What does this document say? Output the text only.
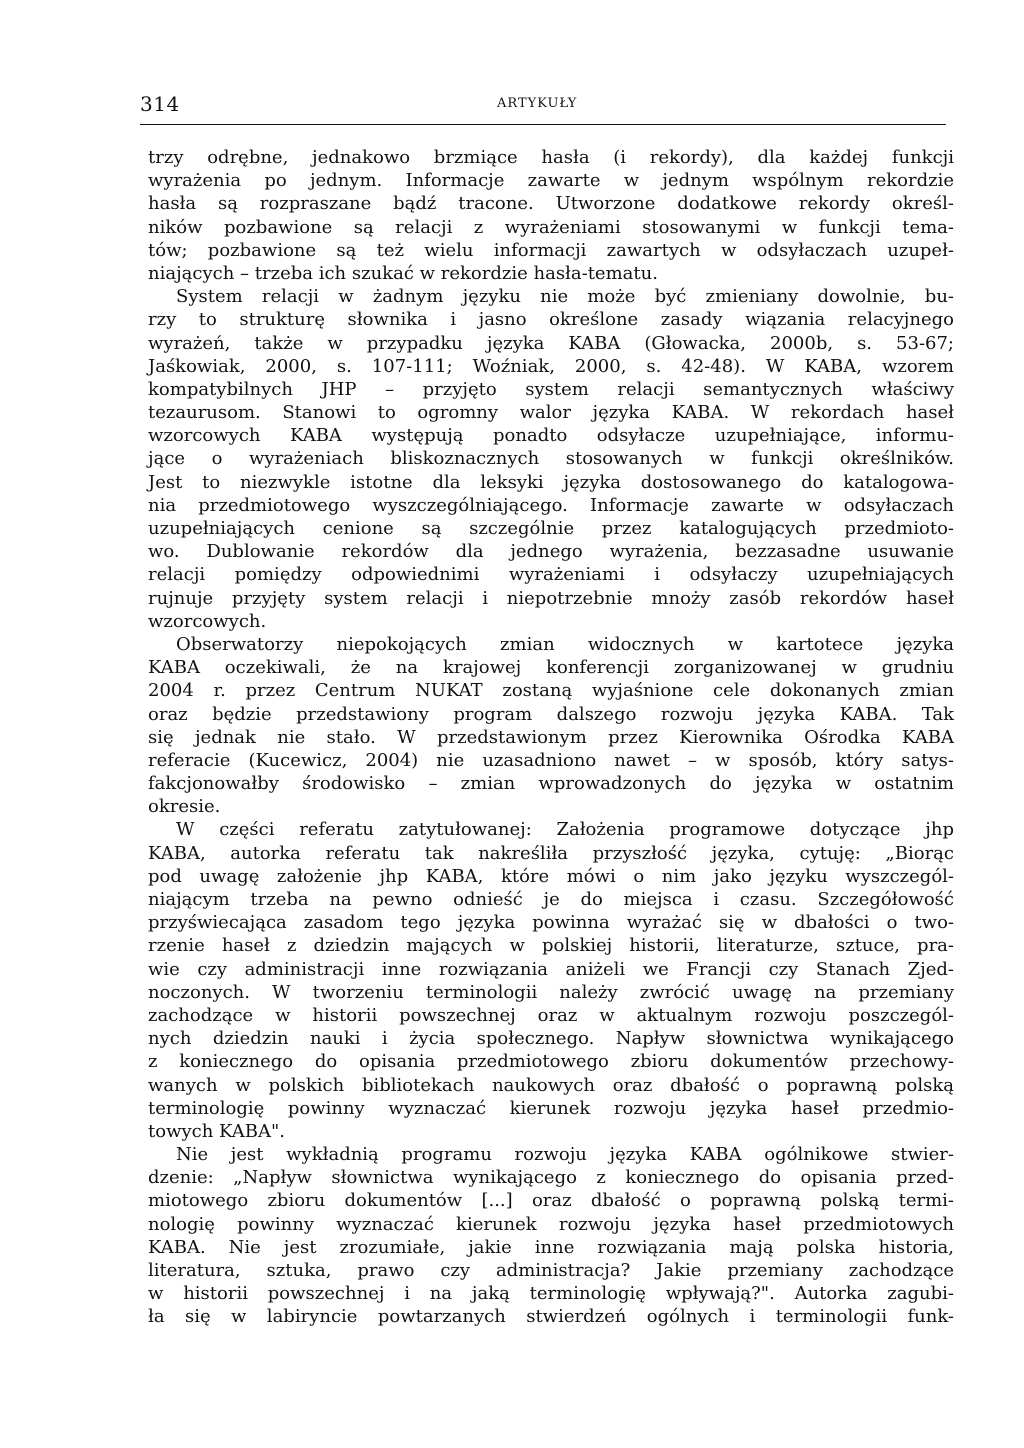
314	ARTYKUŁY
trzy odrębne, jednakowo brzmiące hasła (i rekordy), dla każdej funkcji
wyrażenia po jednym. Informacje zawarte w jednym wspólnym rekordzie
hasła są rozpraszane bądź tracone. Utworzone dodatkowe rekordy określ-
ników pozbawione są relacji z wyrażeniami stosowanymi w funkcji tema-
tów; pozbawione są też wielu informacji zawartych w odsyłaczach uzupeł-
niających – trzeba ich szukać w rekordzie hasła-tematu.
System relacji w żadnym języku nie może być zmieniany dowolnie, bu-
rzy to strukturę słownika i jasno określone zasady wiązania relacyjnego
wyrażeń, także w przypadku języka KABA (Głowacka, 2000b, s. 53-67;
Jaśkowiak, 2000, s. 107-111; Woźniak, 2000, s. 42-48). W KABA, wzorem
kompatybilnych JHP – przyjęto system relacji semantycznych właściwy
tezaurusom. Stanowi to ogromny walor języka KABA. W rekordach haseł
wzorcowych KABA występują ponadto odsyłacze uzupełniające, informu-
jące o wyrażeniach bliskoznacznych stosowanych w funkcji określników.
Jest to niezwykle istotne dla leksyki języka dostosowanego do katalogowa-
nia przedmiotowego wyszczególniającego. Informacje zawarte w odsyłaczach
uzupełniających cenione są szczególnie przez katalogujących przedmioto-
wo. Dublowanie rekordów dla jednego wyrażenia, bezzasadne usuwanie
relacji pomiędzy odpowiednimi wyrażeniami i odsyłaczy uzupełniających
rujnuje przyjęty system relacji i niepotrzebnie mnoży zasób rekordów haseł
wzorcowych.
Obserwatorzy niepokojących zmian widocznych w kartotece języka
KABA oczekiwali, że na krajowej konferencji zorganizowanej w grudniu
2004 r. przez Centrum NUKAT zostaną wyjaśnione cele dokonanych zmian
oraz będzie przedstawiony program dalszego rozwoju języka KABA. Tak
się jednak nie stało. W przedstawionym przez Kierownika Ośrodka KABA
referacie (Kucewicz, 2004) nie uzasadniono nawet – w sposób, który satys-
fakcjonowałby środowisko – zmian wprowadzonych do języka w ostatnim
okresie.
W części referatu zatytułowanej: Założenia programowe dotyczące jhp
KABA, autorka referatu tak nakreśliła przyszłość języka, cytuję: „Biorąc
pod uwagę założenie jhp KABA, które mówi o nim jako języku wyszczegól-
niającym trzeba na pewno odnieść je do miejsca i czasu. Szczegółowość
przyświecająca zasadom tego języka powinna wyrażać się w dbałości o two-
rzenie haseł z dziedzin mających w polskiej historii, literaturze, sztuce, pra-
wie czy administracji inne rozwiązania aniżeli we Francji czy Stanach Zjed-
noczonych. W tworzeniu terminologii należy zwrócić uwagę na przemiany
zachodzące w historii powszechnej oraz w aktualnym rozwoju poszczegól-
nych dziedzin nauki i życia społecznego. Napływ słownictwa wynikającego
z koniecznego do opisania przedmiotowego zbioru dokumentów przechowy-
wanych w polskich bibliotekach naukowych oraz dbałość o poprawną polską
terminologię powinny wyznaczać kierunek rozwoju języka haseł przedmio-
towych KABA".
Nie jest wykładnią programu rozwoju języka KABA ogólnikowe stwier-
dzenie: „Napływ słownictwa wynikającego z koniecznego do opisania przed-
miotowego zbioru dokumentów [...] oraz dbałość o poprawną polską termi-
nologię powinny wyznaczać kierunek rozwoju języka haseł przedmiotowych
KABA. Nie jest zrozumiałe, jakie inne rozwiązania mają polska historia,
literatura, sztuka, prawo czy administracja? Jakie przemiany zachodzące
w historii powszechnej i na jaką terminologię wpływają?". Autorka zagubi-
ła się w labiryncie powtarzanych stwierdzeń ogólnych i terminologii funk-
